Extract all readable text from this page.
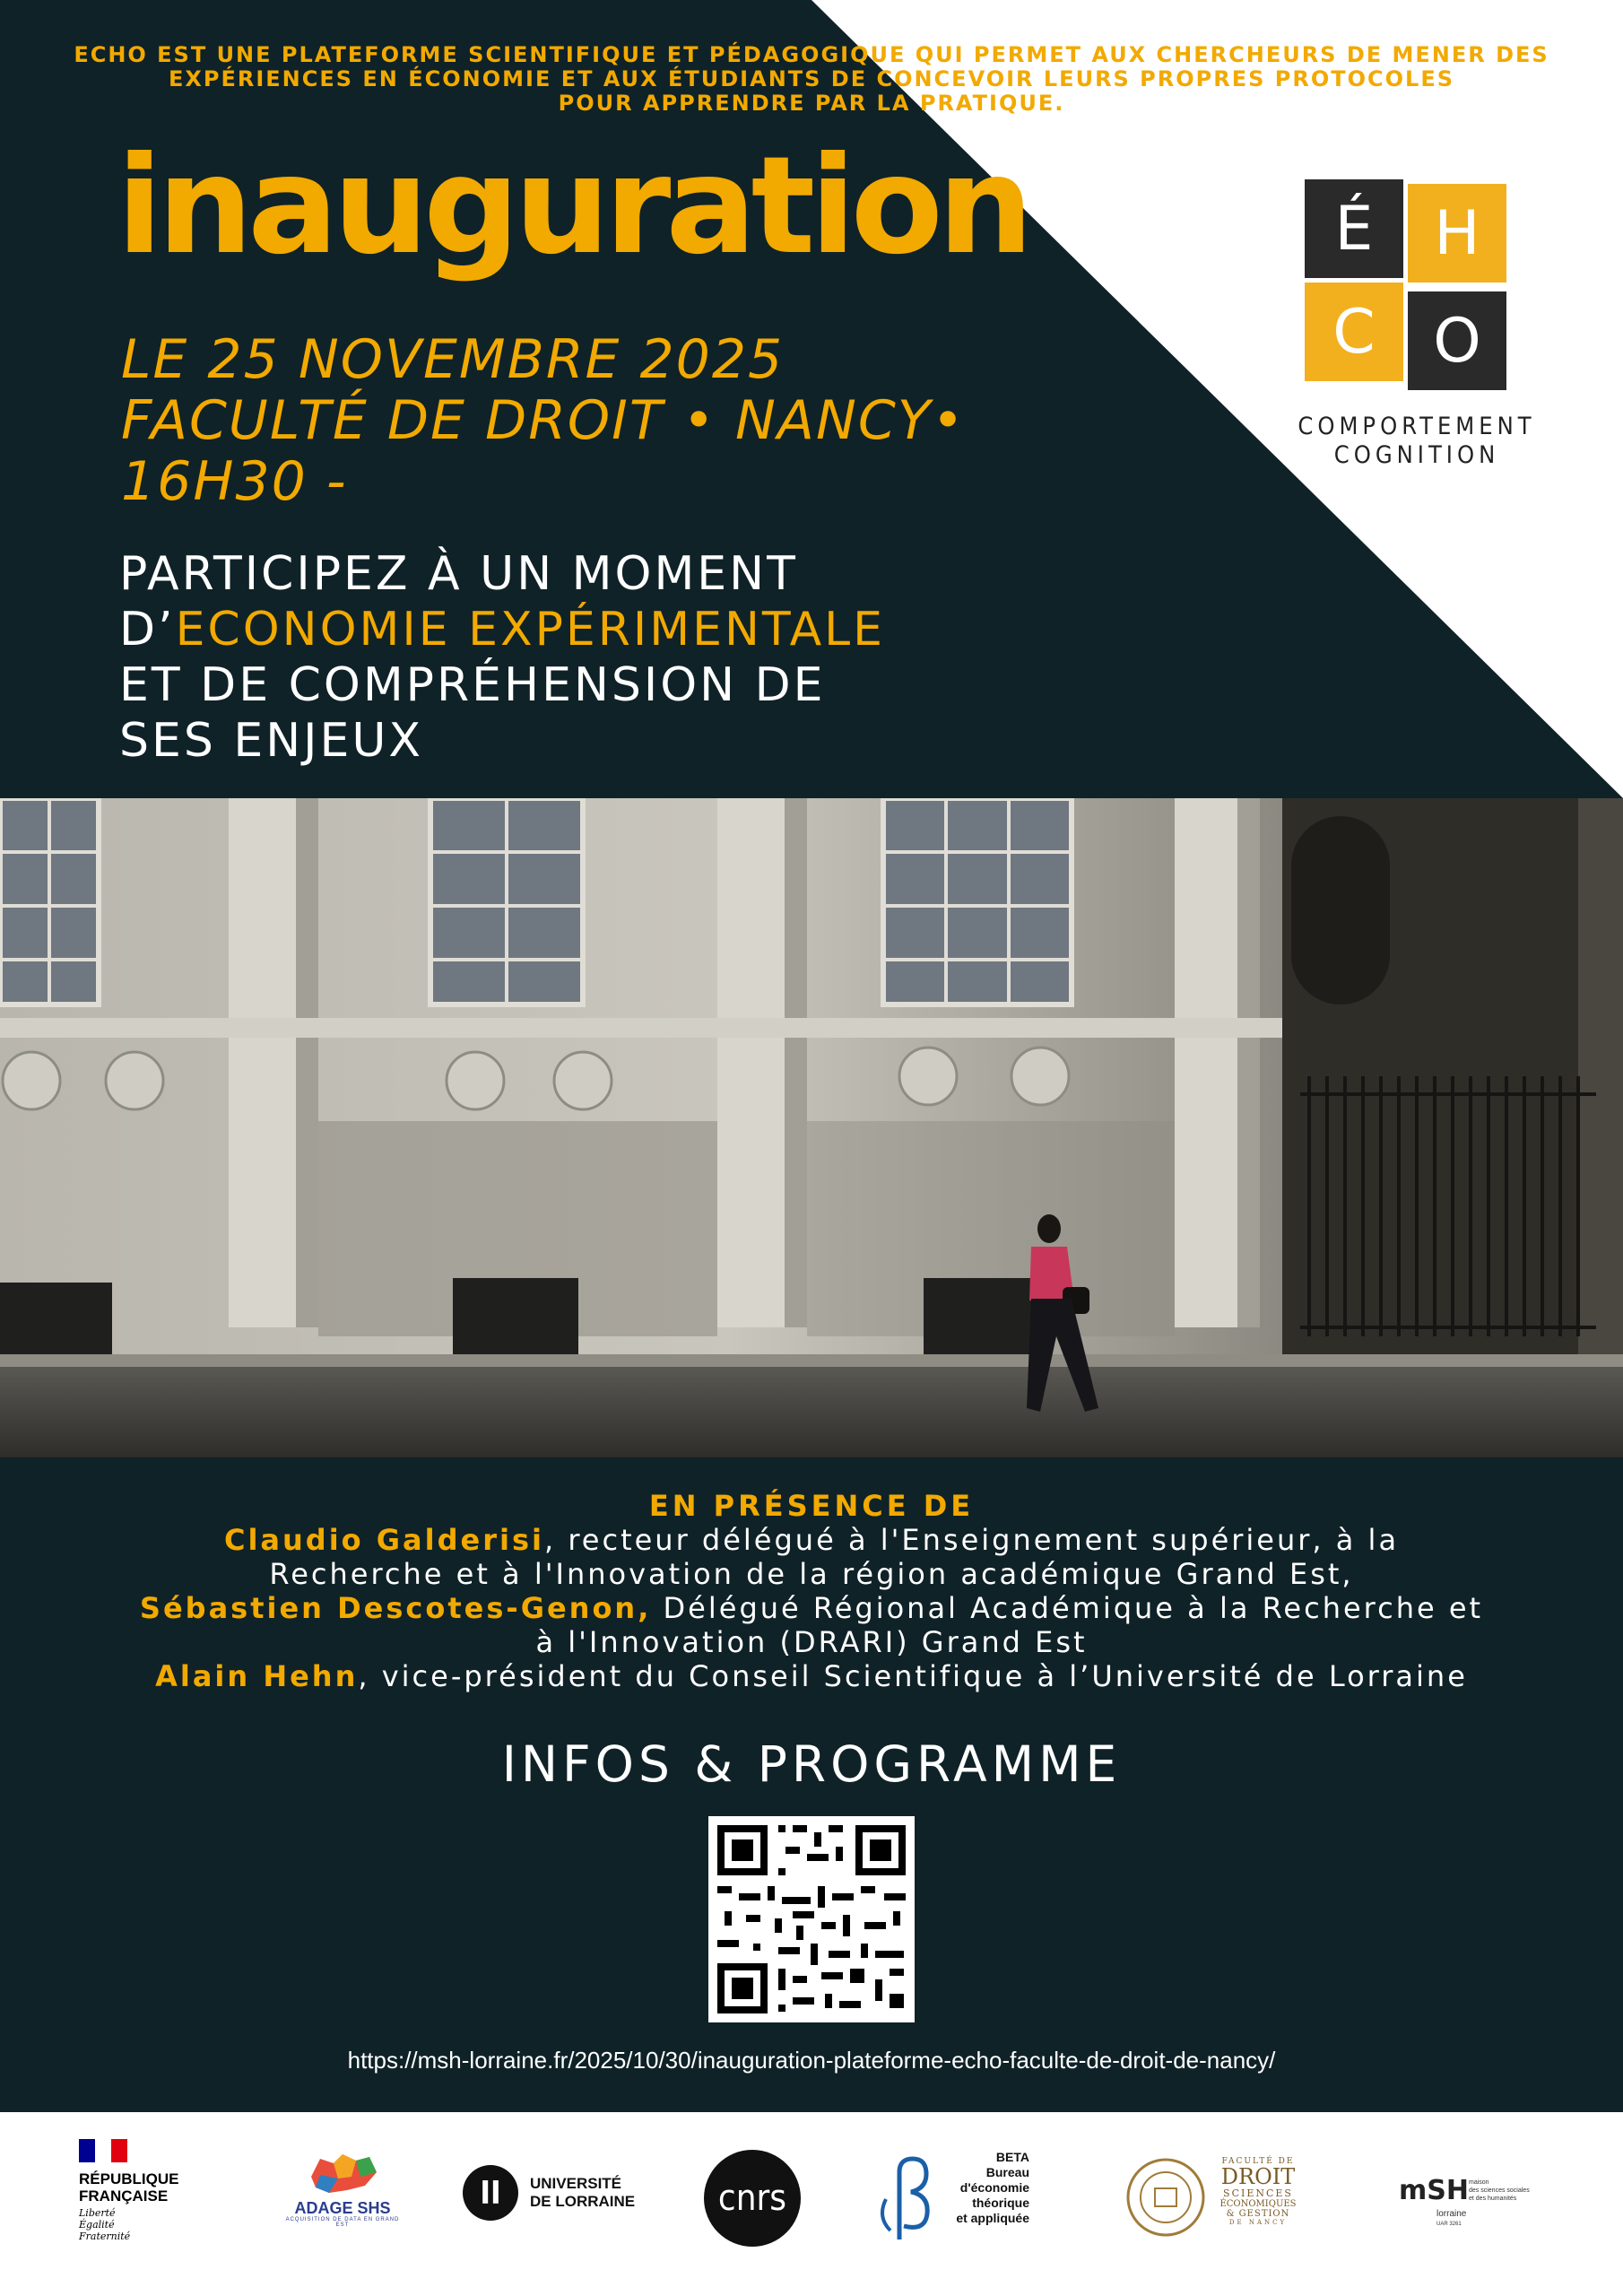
ECHO EST UNE PLATEFORME SCIENTIFIQUE ET PÉDAGOGIQUE QUI PERMET AUX CHERCHEURS DE MENER DES
EXPÉRIENCES EN ÉCONOMIE ET AUX ÉTUDIANTS DE CONCEVOIR LEURS PROPRES PROTOCOLES
POUR APPRENDRE PAR LA PRATIQUE.
inauguration
LE 25 NOVEMBRE 2025
FACULTÉ DE DROIT • NANCY•
16H30 -
PARTICIPEZ À UN MOMENT
D’ECONOMIE EXPÉRIMENTALE
ET DE COMPRÉHENSION DE
SES ENJEUX
É H
C O
COMPORTEMENT
COGNITION
EN PRÉSENCE DE
Claudio Galderisi, recteur délégué à l'Enseignement supérieur, à la
Recherche et à l'Innovation de la région académique Grand Est,
Sébastien Descotes-Genon, Délégué Régional Académique à la Recherche et
à l'Innovation (DRARI) Grand Est
Alain Hehn, vice-président du Conseil Scientifique à l’Université de Lorraine
INFOS & PROGRAMME
https://msh-lorraine.fr/2025/10/30/inauguration-plateforme-echo-faculte-de-droit-de-nancy/
RÉPUBLIQUE
FRANÇAISE
Liberté
Égalité
Fraternité
ADAGE SHS
ACQUISITION DE DATA EN GRAND EST
ll UNIVERSITÉ
DE LORRAINE	cnrs
BETA
Bureau
d'économie
théorique
et appliquée
FACULTÉ DE
DROIT
SCIENCES
ÉCONOMIQUES
& GESTION
DE NANCY
mSH maison
des sciences sociales
et des humanités
lorraine
UAR 3261
